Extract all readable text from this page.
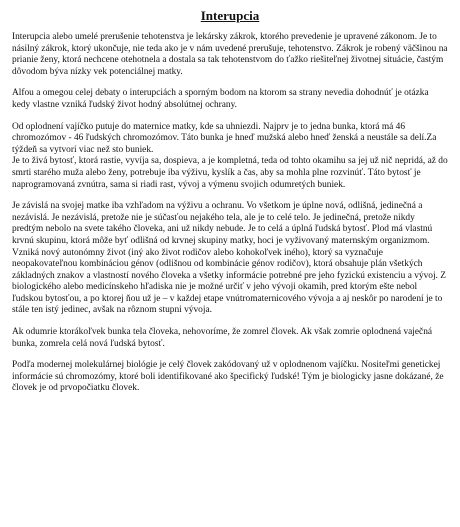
Interupcia

Interupcia alebo umelé prerušenie tehotenstva je lekársky zákrok, ktorého prevedenie je upravené zákonom. Je to násilný zákrok, ktorý ukončuje, nie teda ako je v nám uvedené prerušuje, tehotenstvo. Zákrok je robený väčšinou na prianie ženy, ktorá nechcene otehotnela a dostala sa tak tehotenstvom do ťažko riešiteľnej životnej situácie, častým dôvodom býva nízky vek potenciálnej matky.

Alfou a omegou celej debaty o interupciách a sporným bodom na ktorom sa strany nevedia dohodnúť je otázka kedy vlastne vzniká ľudský život hodný absolútnej ochrany.

Od oplodnení vajíčko putuje do maternice matky, kde sa uhniezdi. Najprv je to jedna bunka, ktorá má 46 chromozómov - 46 ľudských chromozómov. Táto bunka je hneď mužská alebo hneď ženská a neustále sa delí.Za týždeň sa vytvorí viac než sto buniek.

Je to živá bytosť, ktorá rastie, vyvíja sa, dospieva, a je kompletná, teda od tohto okamihu sa jej už nič nepridá, až do smrti starého muža alebo ženy, potrebuje iba výživu, kyslík a čas, aby sa mohla plne rozvinúť. Táto bytosť je naprogramovaná zvnútra, sama si riadi rast, vývoj a výmenu svojich odumretých buniek.

Je závislá na svojej matke iba vzhľadom na výživu a ochranu. Vo všetkom je úplne nová, odlišná, jedinečná a nezávislá. Je nezávislá, pretože nie je súčasťou nejakého tela, ale je to celé telo. Je jedinečná, pretože nikdy predtým nebolo na svete takého človeka, ani už nikdy nebude. Je to celá a úplná ľudská bytosť. Plod má vlastnú krvnú skupinu, ktorá môže byť odlišná od krvnej skupiny matky, hoci je vyživovaný maternským organizmom. Vzniká nový autonómny život (iný ako život rodičov alebo kohokoľvek iného), ktorý sa vyznačuje neopakovateľnou kombináciou génov (odlišnou od kombinácie génov rodičov), ktorá obsahuje plán všetkých základných znakov a vlastností nového človeka a všetky informácie potrebné pre jeho fyzickú existenciu a vývoj. Z biologického alebo medicínskeho hľadiska nie je možné určiť v jeho vývoji okamih, pred ktorým ešte nebol ľudskou bytosťou, a po ktorej ňou už je – v každej etape vnútromaternicového vývoja a aj neskôr po narodení je to stále ten istý jedinec, avšak na rôznom stupni vývoja.

Ak odumrie ktorákoľvek bunka tela človeka, nehovoríme, že zomrel človek. Ak však zomrie oplodnená vaječná bunka, zomrela celá nová ľudská bytosť.

Podľa modernej molekulárnej biológie je celý človek zakódovaný už v oplodnenom vajíčku. Nositeľmi genetickej informácie sú chromozómy, ktoré boli identifikované ako špecifický ľudské! Tým je biologicky jasne dokázané, že človek je od prvopočiatku človek.
